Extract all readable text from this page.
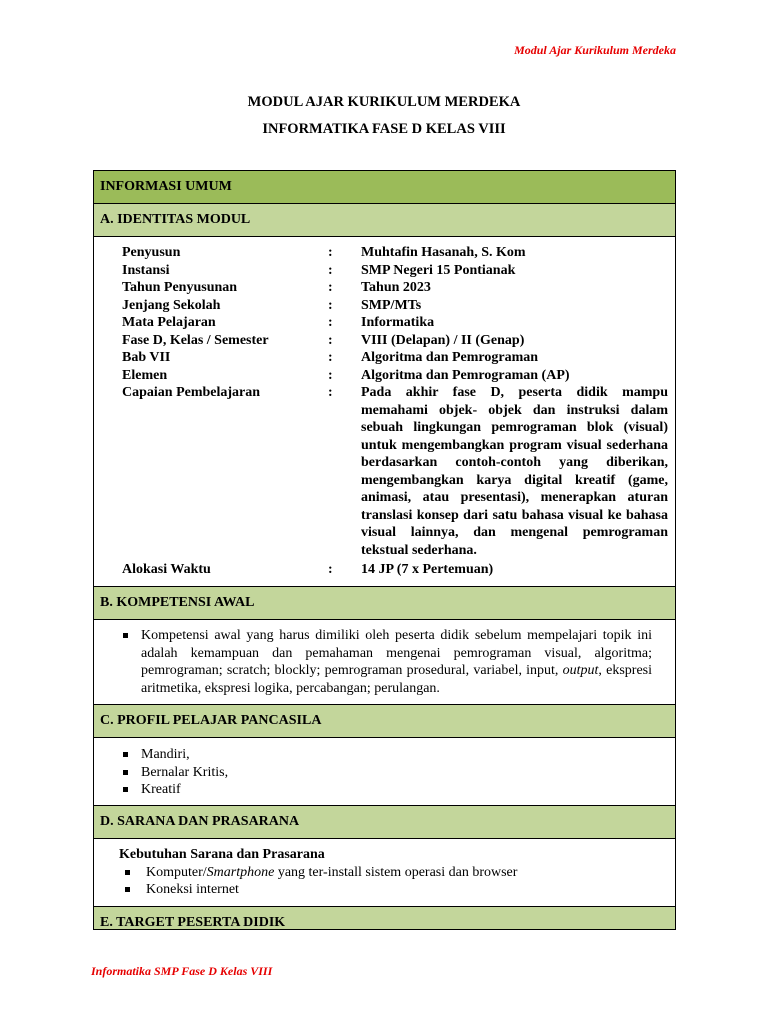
Modul Ajar Kurikulum Merdeka
MODUL AJAR KURIKULUM MERDEKA
INFORMATIKA FASE D KELAS VIII
INFORMASI UMUM
A. IDENTITAS MODUL
Penyusun	: Muhtafin Hasanah, S. Kom
Instansi	: SMP Negeri 15 Pontianak
Tahun Penyusunan	: Tahun 2023
Jenjang Sekolah	: SMP/MTs
Mata Pelajaran	: Informatika
Fase D, Kelas / Semester	: VIII (Delapan) / II (Genap)
Bab VII	: Algoritma dan Pemrograman
Elemen	: Algoritma dan Pemrograman (AP)
Capaian Pembelajaran	: Pada akhir fase D, peserta didik mampu memahami objek- objek dan instruksi dalam sebuah lingkungan pemrograman blok (visual) untuk mengembangkan program visual sederhana berdasarkan contoh-contoh yang diberikan, mengembangkan karya digital kreatif (game, animasi, atau presentasi), menerapkan aturan translasi konsep dari satu bahasa visual ke bahasa visual lainnya, dan mengenal pemrograman tekstual sederhana.
Alokasi Waktu	: 14 JP (7 x Pertemuan)
B. KOMPETENSI AWAL
Kompetensi awal yang harus dimiliki oleh peserta didik sebelum mempelajari topik ini adalah kemampuan dan pemahaman mengenai pemrograman visual, algoritma; pemrograman; scratch; blockly; pemrograman prosedural, variabel, input, output, ekspresi aritmetika, ekspresi logika, percabangan; perulangan.
C. PROFIL PELAJAR PANCASILA
Mandiri,
Bernalar Kritis,
Kreatif
D. SARANA DAN PRASARANA
Kebutuhan Sarana dan Prasarana
Komputer/Smartphone yang ter-install sistem operasi dan browser
Koneksi internet
E. TARGET PESERTA DIDIK
Informatika SMP Fase D Kelas VIII
